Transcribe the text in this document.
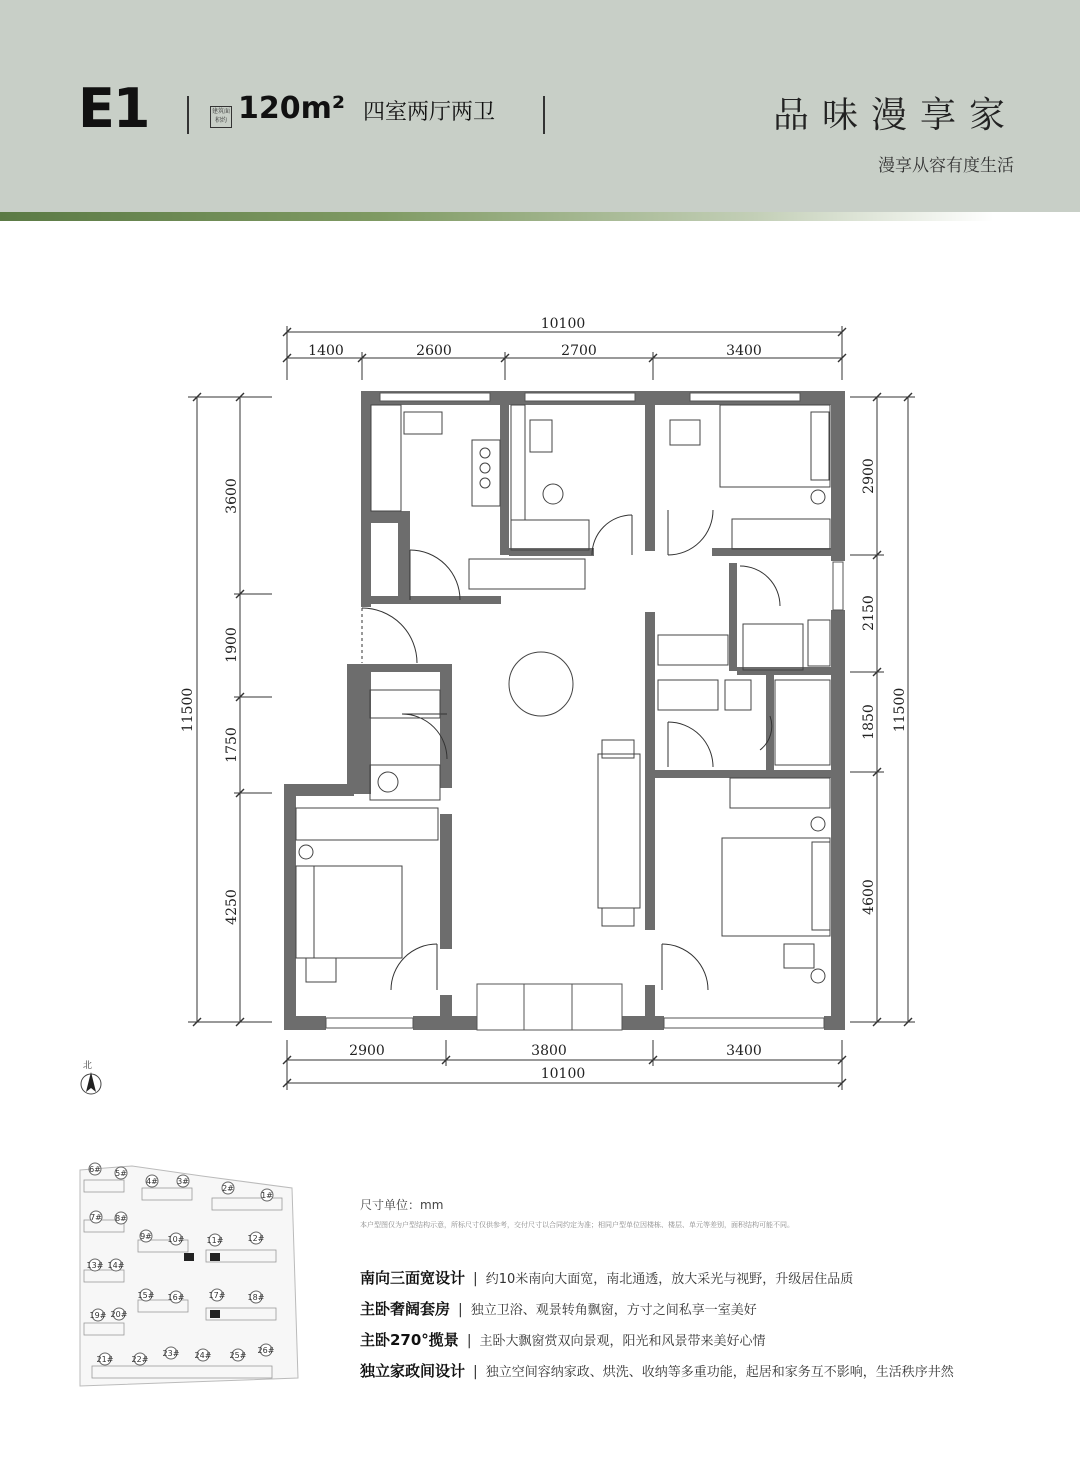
E1	建筑面积约 120m² 四室两厅两卫	品味漫享家
漫享从容有度生活
10100
1400	2600	2700	3400
2900	3800	3400
10100
11500
3600
1900
1750
4250
2900
2150
1850
4600
11500
北
6# 5#
4# 3#
2#
1#
7# 8#
9# 10#	11#	12#
13# 14#
15# 16#	17#	18#
19# 20#
21# 22#
23# 24# 25#
26#
尺寸单位：mm
本户型图仅为户型结构示意，所标尺寸仅供参考，交付尺寸以合同约定为准；相同户型单位因楼栋、楼层、单元等差别，面积结构可能不同。
南向三面宽设计 | 约10米南向大面宽，南北通透，放大采光与视野，升级居住品质
主卧奢阔套房 | 独立卫浴、观景转角飘窗，方寸之间私享一室美好
主卧270°揽景 | 主卧大飘窗赏双向景观，阳光和风景带来美好心情
独立家政间设计 | 独立空间容纳家政、烘洗、收纳等多重功能，起居和家务互不影响，生活秩序井然
